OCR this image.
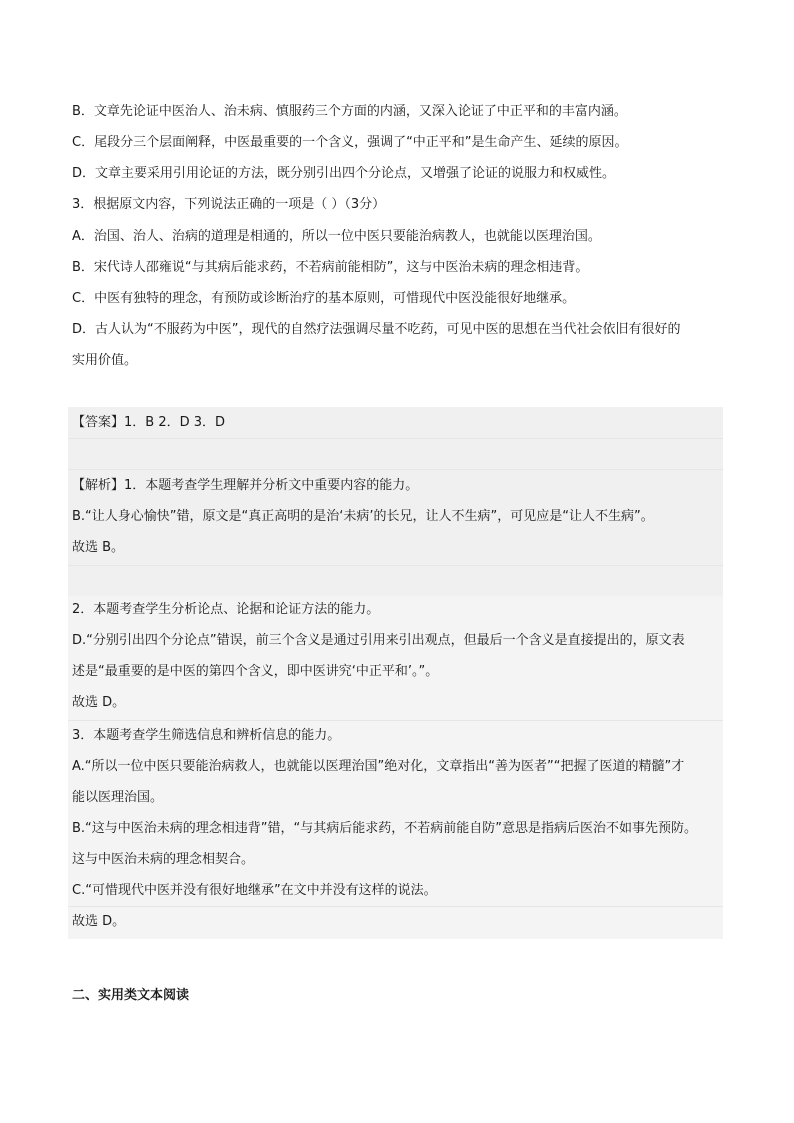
B．文章先论证中医治人、治未病、慎服药三个方面的内涵，又深入论证了中正平和的丰富内涵。
C．尾段分三个层面阐释，中医最重要的一个含义，强调了“中正平和”是生命产生、延续的原因。
D．文章主要采用引用论证的方法，既分别引出四个分论点，又增强了论证的说服力和权威性。
3．根据原文内容，下列说法正确的一项是（ ）（3分）
A．治国、治人、治病的道理是相通的，所以一位中医只要能治病教人，也就能以医理治国。
B．宋代诗人邵雍说“与其病后能求药，不若病前能相防”，这与中医治未病的理念相违背。
C．中医有独特的理念，有预防或诊断治疗的基本原则，可惜现代中医没能很好地继承。
D．古人认为“不服药为中医”，现代的自然疗法强调尽量不吃药，可见中医的思想在当代社会依旧有很好的
实用价值。
【答案】1．B 2．D 3．D
【解析】1．本题考查学生理解并分析文中重要内容的能力。
B.“让人身心愉快”错，原文是“真正高明的是治‘未病’的长兄，让人不生病”，可见应是“让人不生病”。
故选 B。
2．本题考查学生分析论点、论据和论证方法的能力。
D.“分别引出四个分论点”错误，前三个含义是通过引用来引出观点，但最后一个含义是直接提出的，原文表
述是“最重要的是中医的第四个含义，即中医讲究‘中正平和’。”。
故选 D。
3．本题考查学生筛选信息和辨析信息的能力。
A.“所以一位中医只要能治病救人，也就能以医理治国”绝对化，文章指出“善为医者”“把握了医道的精髓”才
能以医理治国。
B.“这与中医治未病的理念相违背”错，“与其病后能求药，不若病前能自防”意思是指病后医治不如事先预防。
这与中医治未病的理念相契合。
C.“可惜现代中医并没有很好地继承”在文中并没有这样的说法。
故选 D。
二、实用类文本阅读
